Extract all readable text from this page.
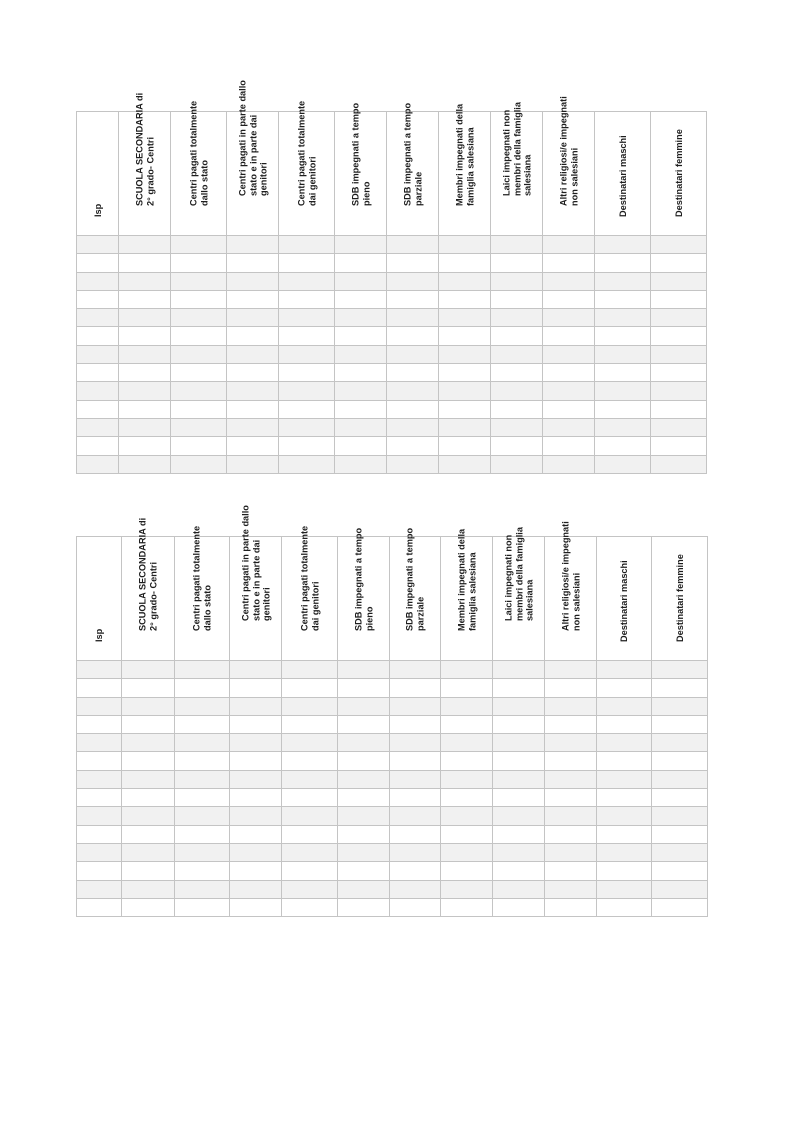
Isp	SCUOLA SECONDARIA di 2° grado- Centri	Centri pagati totalmente dallo stato	Centri pagati in parte dallo stato e in parte dai genitori	Centri pagati totalmente dai genitori	SDB impegnati a tempo pieno	SDB impegnati a tempo parziale	Membri impegnati della famiglia salesiana	Laici impegnati non membri della famiglia salesiana	Altri religiosi/e impegnati non salesiani	Destinatari maschi	Destinatari femmine

Isp	SCUOLA SECONDARIA di 2° grado- Centri	Centri pagati totalmente dallo stato	Centri pagati in parte dallo stato e in parte dai genitori	Centri pagati totalmente dai genitori	SDB impegnati a tempo pieno	SDB impegnati a tempo parziale	Membri impegnati della famiglia salesiana	Laici impegnati non membri della famiglia salesiana	Altri religiosi/e impegnati non salesiani	Destinatari maschi	Destinatari femmine
